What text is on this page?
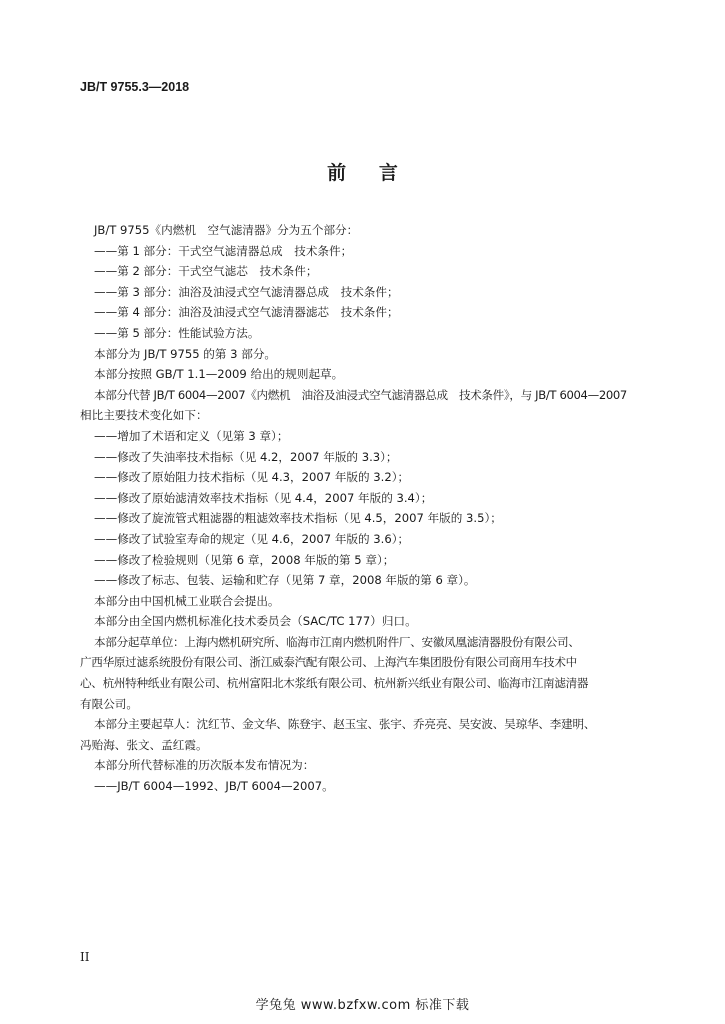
JB/T 9755.3—2018
前 言
JB/T 9755《内燃机　空气滤清器》分为五个部分：
——第 1 部分：干式空气滤清器总成　技术条件；
——第 2 部分：干式空气滤芯　技术条件；
——第 3 部分：油浴及油浸式空气滤清器总成　技术条件；
——第 4 部分：油浴及油浸式空气滤清器滤芯　技术条件；
——第 5 部分：性能试验方法。
本部分为 JB/T 9755 的第 3 部分。
本部分按照 GB/T 1.1—2009 给出的规则起草。
本部分代替 JB/T 6004—2007《内燃机　油浴及油浸式空气滤清器总成　技术条件》，与 JB/T 6004—2007
相比主要技术变化如下：
——增加了术语和定义（见第 3 章）；
——修改了失油率技术指标（见 4.2，2007 年版的 3.3）；
——修改了原始阻力技术指标（见 4.3，2007 年版的 3.2）；
——修改了原始滤清效率技术指标（见 4.4，2007 年版的 3.4）；
——修改了旋流管式粗滤器的粗滤效率技术指标（见 4.5，2007 年版的 3.5）；
——修改了试验室寿命的规定（见 4.6，2007 年版的 3.6）；
——修改了检验规则（见第 6 章，2008 年版的第 5 章）；
——修改了标志、包装、运输和贮存（见第 7 章，2008 年版的第 6 章）。
本部分由中国机械工业联合会提出。
本部分由全国内燃机标准化技术委员会（SAC/TC 177）归口。
本部分起草单位：上海内燃机研究所、临海市江南内燃机附件厂、安徽凤凰滤清器股份有限公司、
广西华原过滤系统股份有限公司、浙江威泰汽配有限公司、上海汽车集团股份有限公司商用车技术中
心、杭州特种纸业有限公司、杭州富阳北木浆纸有限公司、杭州新兴纸业有限公司、临海市江南滤清器
有限公司。
本部分主要起草人：沈红节、金文华、陈登宇、赵玉宝、张宇、乔亮亮、吴安波、吴琼华、李建明、
冯贻海、张文、孟红霞。
本部分所代替标准的历次版本发布情况为：
——JB/T 6004—1992、JB/T 6004—2007。
II
学兔兔 www.bzfxw.com 标准下载
